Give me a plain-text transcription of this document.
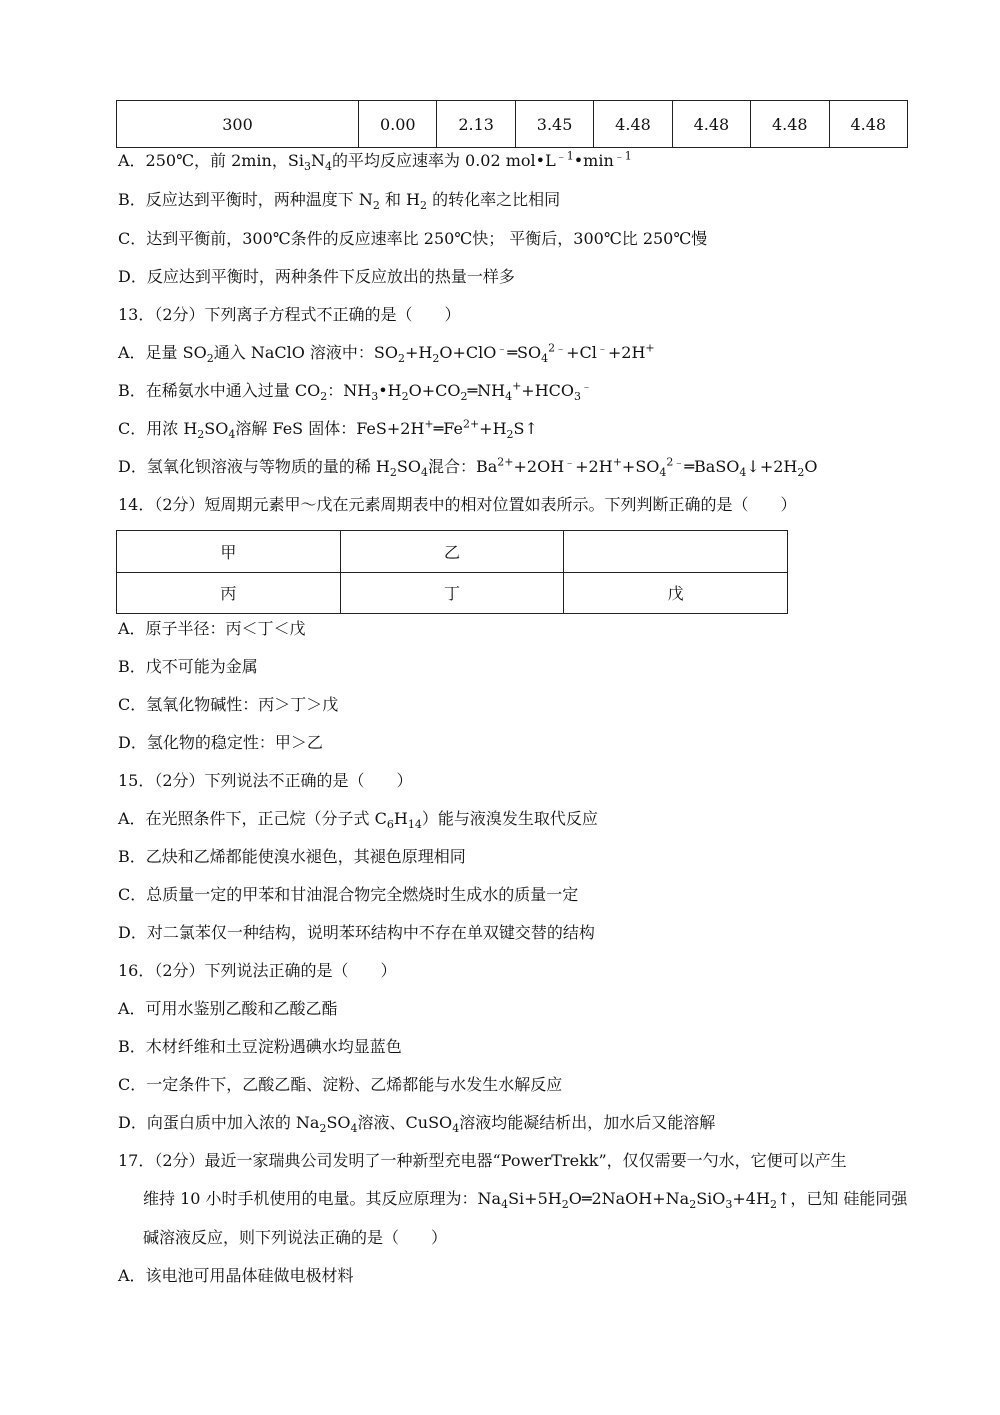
300	0.00	2.13	3.45	4.48	4.48	4.48	4.48
A．250℃，前 2min，$Si_3N_4$的平均反应速率为 0.02 $mol•L^{﹣1}•\min^{﹣1}$
B．反应达到平衡时，两种温度下 $N_2$ 和 $H_2$ 的转化率之比相同
C．达到平衡前，300℃条件的反应速率比 250℃快； 平衡后，300℃比 250℃慢
D．反应达到平衡时，两种条件下反应放出的热量一样多
13．（2分）下列离子方程式不正确的是（　　）
A．足量 $SO_2$通入 NaClO 溶液中：$SO_2+H_2O+ClO^﹣═SO_4^{2﹣}+Cl^﹣+2H^+$
B．在稀氨水中通入过量 $CO_2$：$NH_3•H_2O+CO_2═NH_4^++HCO_3^﹣$
C．用浓 $H_2SO_4$溶解 FeS 固体：$FeS+2H^+═Fe^{2+}+H_2S↑$
D．氢氧化钡溶液与等物质的量的稀 $H_2SO_4$混合：$Ba^{2+}+2OH^﹣+2H^++SO_4^{2﹣}═BaSO_4↓+2H_2O$
14．（2分）短周期元素甲～戊在元素周期表中的相对位置如表所示。下列判断正确的是（　　）
甲	乙	
丙	丁	戊
A．原子半径：丙＜丁＜戊
B．戊不可能为金属
C．氢氧化物碱性：丙＞丁＞戊
D．氢化物的稳定性：甲＞乙
15．（2分）下列说法不正确的是（　　）
A．在光照条件下，正己烷（分子式 $C_6H_{14}$）能与液溴发生取代反应
B．乙炔和乙烯都能使溴水褪色，其褪色原理相同
C．总质量一定的甲苯和甘油混合物完全燃烧时生成水的质量一定
D．对二氯苯仅一种结构，说明苯环结构中不存在单双键交替的结构
16．（2分）下列说法正确的是（　　）
A．可用水鉴别乙酸和乙酸乙酯
B．木材纤维和土豆淀粉遇碘水均显蓝色
C．一定条件下，乙酸乙酯、淀粉、乙烯都能与水发生水解反应
D．向蛋白质中加入浓的 $Na_2SO_4$溶液、CuSO$_4$溶液均能凝结析出，加水后又能溶解
17．（2分）最近一家瑞典公司发明了一种新型充电器“PowerTrekk”，仅仅需要一勺水，它便可以产生
维持 10 小时手机使用的电量。其反应原理为：$Na_4Si+5H_2O═2NaOH+Na_2SiO_3+4H_2↑$，已知 硅能同强
碱溶液反应，则下列说法正确的是（　　）
A．该电池可用晶体硅做电极材料
